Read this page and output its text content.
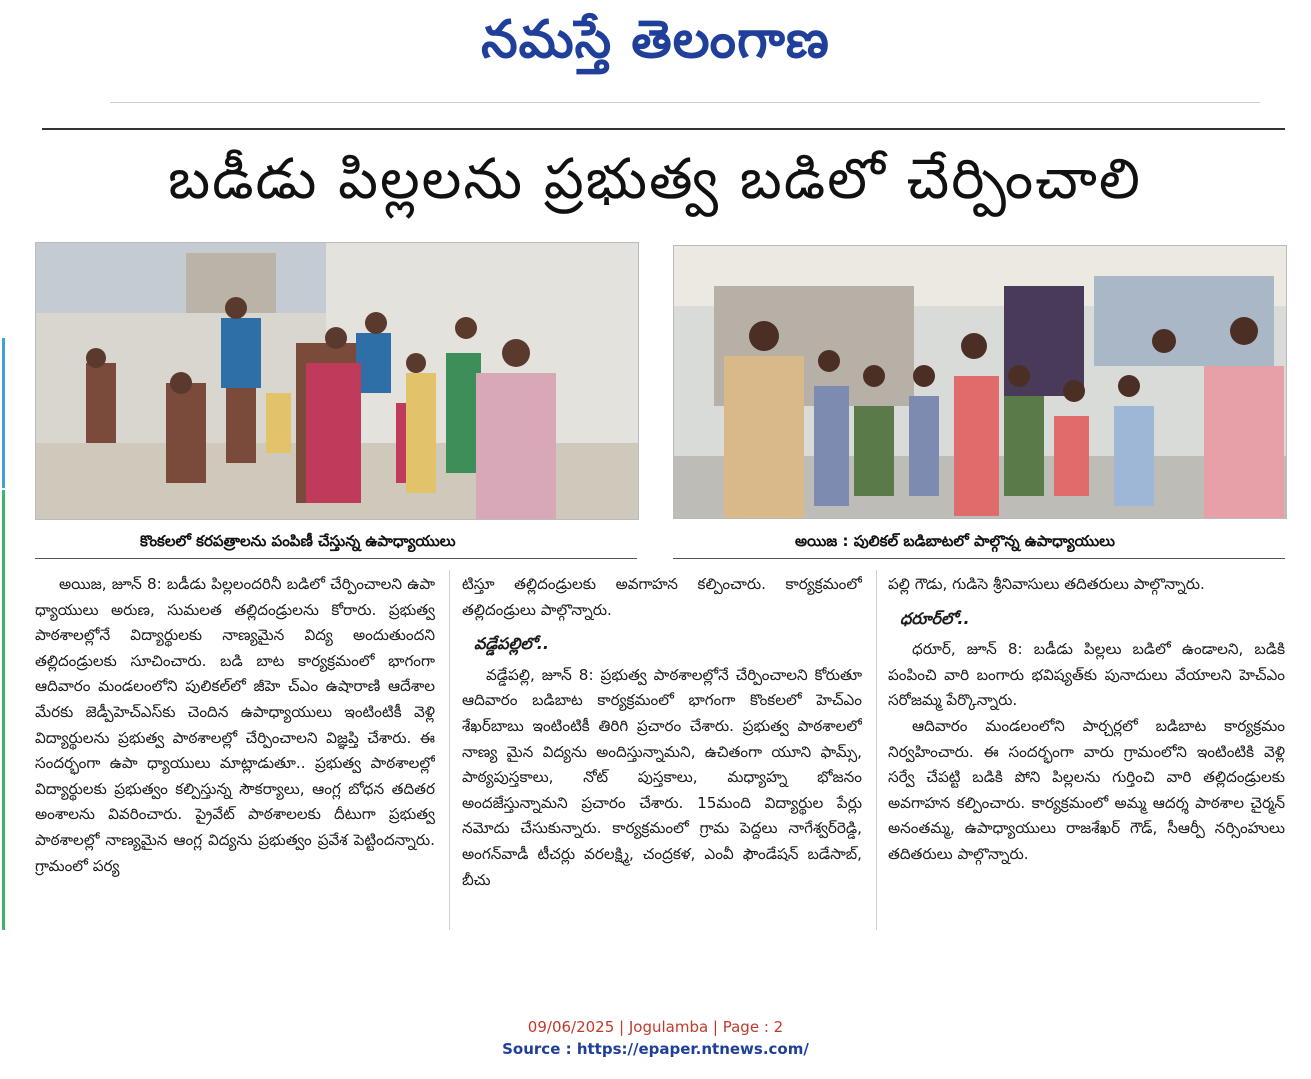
నమస్తే తెలంగాణ
బడీడు పిల్లలను ప్రభుత్వ బడిలో చేర్పించాలి
కొంకలలో కరపత్రాలను పంపిణీ చేస్తున్న ఉపాధ్యాయులు	అయిజ : పులికల్ బడిబాటలో పాల్గొన్న ఉపాధ్యాయులు

అయిజ, జూన్ 8: బడీడు పిల్లలందరినీ బడిలో చేర్పించాలని ఉపా ధ్యాయులు అరుణ, సుమలత తల్లిదండ్రులను కోరారు. ప్రభుత్వ పాఠశాలల్లోనే విద్యార్థులకు నాణ్యమైన విద్య అందుతుందని తల్లిదండ్రులకు సూచించారు. బడి బాట కార్యక్రమంలో భాగంగా ఆదివారం మండలంలోని పులికల్‌లో జీహె చ్ఎం ఉషారాణి ఆదేశాల మేరకు జెడ్పీహెచ్ఎస్‌కు చెందిన ఉపాధ్యాయులు ఇంటింటికీ వెళ్లి విద్యార్థులను ప్రభుత్వ పాఠశాలల్లో చేర్పించాలని విజ్ఞప్తి చేశారు. ఈ సందర్భంగా ఉపా ధ్యాయులు మాట్లాడుతూ.. ప్రభుత్వ పాఠశాలల్లో విద్యార్థులకు ప్రభుత్వం కల్పిస్తున్న సౌకర్యాలు, ఆంగ్ల బోధన తదితర అంశాలను వివరించారు. ప్రైవేట్ పాఠశాలలకు దీటుగా ప్రభుత్వ పాఠశాలల్లో నాణ్యమైన ఆంగ్ల విద్యను ప్రభుత్వం ప్రవేశ పెట్టిందన్నారు. గ్రామంలో పర్య

టిస్తూ తల్లిదండ్రులకు అవగాహన కల్పించారు. కార్యక్రమంలో తల్లిదండ్రులు పాల్గొన్నారు.

వడ్డేపల్లిలో..

వడ్డేపల్లి, జూన్ 8: ప్రభుత్వ పాఠశాలల్లోనే చేర్పించాలని కోరుతూ ఆదివారం బడిబాట కార్యక్రమంలో భాగంగా కొంకలలో హెచ్ఎం శేఖర్‌బాబు ఇంటింటికీ తిరిగి ప్రచారం చేశారు. ప్రభుత్వ పాఠశాలలో నాణ్య మైన విద్యను అందిస్తున్నామని, ఉచితంగా యూని ఫామ్స్, పాఠ్యపుస్తకాలు, నోట్ పుస్తకాలు, మధ్యాహ్న భోజనం అందజేస్తున్నామని ప్రచారం చేశారు. 15మంది విద్యార్థుల పేర్లు నమోదు చేసుకున్నారు. కార్యక్రమంలో గ్రామ పెద్దలు నాగేశ్వర్‌రెడ్డి, అంగన్‌వాడీ టీచర్లు వరలక్ష్మి, చంద్రకళ, ఎంవీ ఫౌండేషన్ బడేసాబ్, బీచు

పల్లి గౌడు, గుడిసె శ్రీనివాసులు తదితరులు పాల్గొన్నారు.

ధరూర్‌లో..

ధరూర్, జూన్ 8: బడీడు పిల్లలు బడిలో ఉండాలని, బడికి పంపించి వారి బంగారు భవిష్యత్‌కు పునాదులు వేయాలని హెచ్ఎం సరోజమ్మ పేర్కొన్నారు.

ఆదివారం మండలంలోని పార్చర్లలో బడిబాట కార్యక్రమం నిర్వహించారు. ఈ సందర్భంగా వారు గ్రామంలోని ఇంటింటికి వెళ్లి సర్వే చేపట్టి బడికి పోని పిల్లలను గుర్తించి వారి తల్లిదండ్రులకు అవగాహన కల్పించారు. కార్యక్రమంలో అమ్మ ఆదర్శ పాఠశాల చైర్మన్ అనంతమ్మ, ఉపాధ్యాయులు రాజశేఖర్ గౌడ్, సీఆర్పీ నర్సింహులు తదితరులు పాల్గొన్నారు.

09/06/2025 | Jogulamba | Page : 2
Source : https://epaper.ntnews.com/
